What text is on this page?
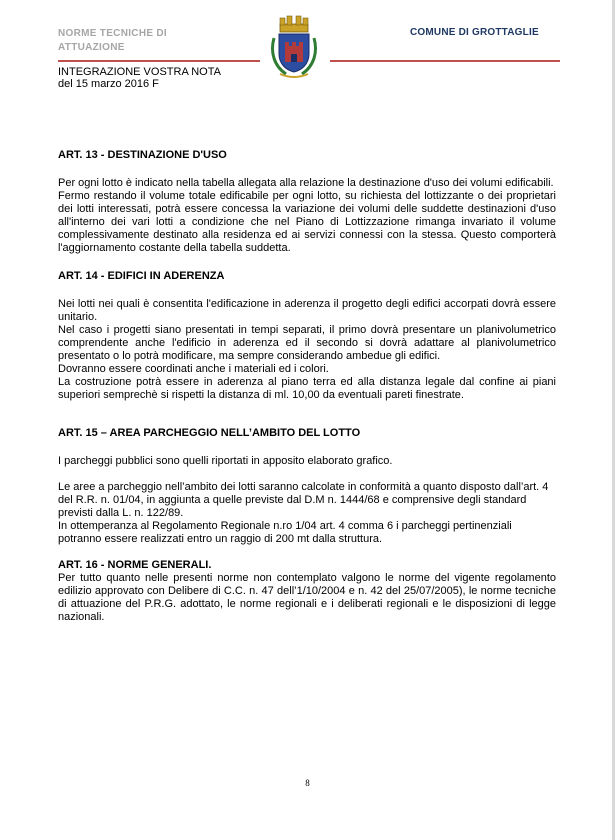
NORME TECNICHE DI ATTUAZIONE
INTEGRAZIONE VOSTRA NOTA
del 15 marzo 2016 F
COMUNE DI GROTTAGLIE

ART. 13 - DESTINAZIONE D'USO

Per ogni lotto è indicato nella tabella allegata alla relazione la destinazione d'uso dei volumi edificabili.

Fermo restando il volume totale edificabile per ogni lotto, su richiesta del lottizzante o dei proprietari dei lotti interessati, potrà essere concessa la variazione dei volumi delle suddette destinazioni d'uso all'interno dei vari lotti a condizione che nel Piano di Lottizzazione rimanga invariato il volume complessivamente destinato alla residenza ed ai servizi connessi con la stessa. Questo comporterà l'aggiornamento costante della tabella suddetta.

ART. 14 - EDIFICI IN ADERENZA

Nei lotti nei quali è consentita l'edificazione in aderenza il progetto degli edifici accorpati dovrà essere unitario.

Nel caso i progetti siano presentati in tempi separati, il primo dovrà presentare un planivolumetrico comprendente anche l'edificio in aderenza ed il secondo si dovrà adattare al planivolumetrico presentato o lo potrà modificare, ma sempre considerando ambedue gli edifici.

Dovranno essere coordinati anche i materiali ed i colori.

La costruzione potrà essere in aderenza al piano terra ed alla distanza legale dal confine ai piani superiori semprechè si rispetti la distanza di ml. 10,00 da eventuali pareti finestrate.

ART. 15 – AREA PARCHEGGIO NELL’AMBITO DEL LOTTO

I parcheggi pubblici sono quelli riportati in apposito elaborato grafico.

Le aree a parcheggio nell’ambito dei lotti saranno calcolate in conformità a quanto disposto dall’art. 4 del R.R. n. 01/04, in aggiunta a quelle previste dal D.M n. 1444/68 e comprensive degli standard previsti dalla L. n. 122/89.

In ottemperanza al Regolamento Regionale n.ro 1/04 art. 4 comma 6 i parcheggi pertinenziali potranno essere realizzati entro un raggio di 200 mt dalla struttura.

ART. 16 - NORME GENERALI.

Per tutto quanto nelle presenti norme non contemplato valgono le norme del vigente regolamento edilizio approvato con Delibere di C.C. n. 47 dell’1/10/2004 e n. 42 del 25/07/2005), le norme tecniche di attuazione del P.R.G. adottato, le norme regionali e i deliberati regionali e le disposizioni di legge nazionali.

8
